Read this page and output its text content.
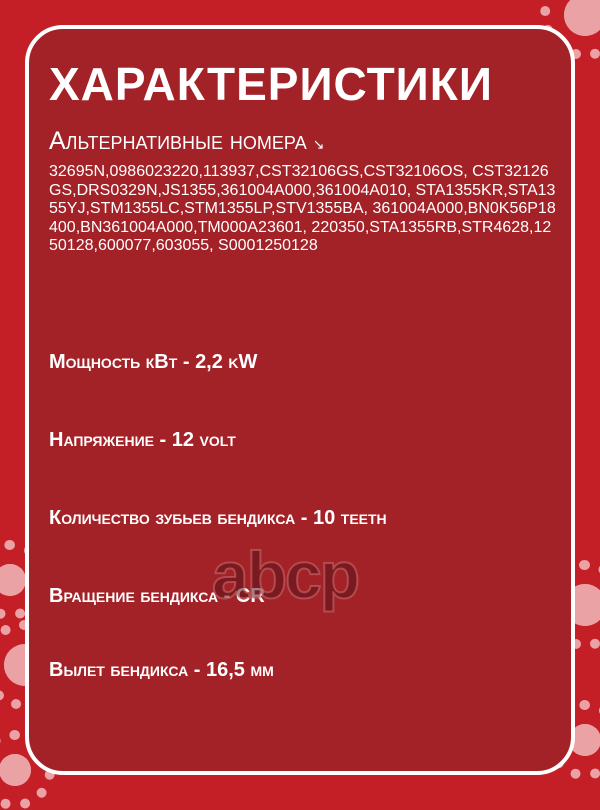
ХАРАКТЕРИСТИКИ
Альтернативные номера ↘
32695N,0986023220,113937,CST32106GS,CST32106OS, CST32126GS,DRS0329N,JS1355,361004A000,361004A010, STA1355KR,STA1355YJ,STM1355LC,STM1355LP,STV1355BA, 361004A000,BN0K56P18400,BN361004A000,TM000A23601, 220350,STA1355RB,STR4628,1250128,600077,603055, S0001250128
Мощность кВт - 2,2 kW
Напряжение - 12 volt
Количество зубьев бендикса - 10 teeth
Вращение бендикса - CR
Вылет бендикса - 16,5 мм
abcp
